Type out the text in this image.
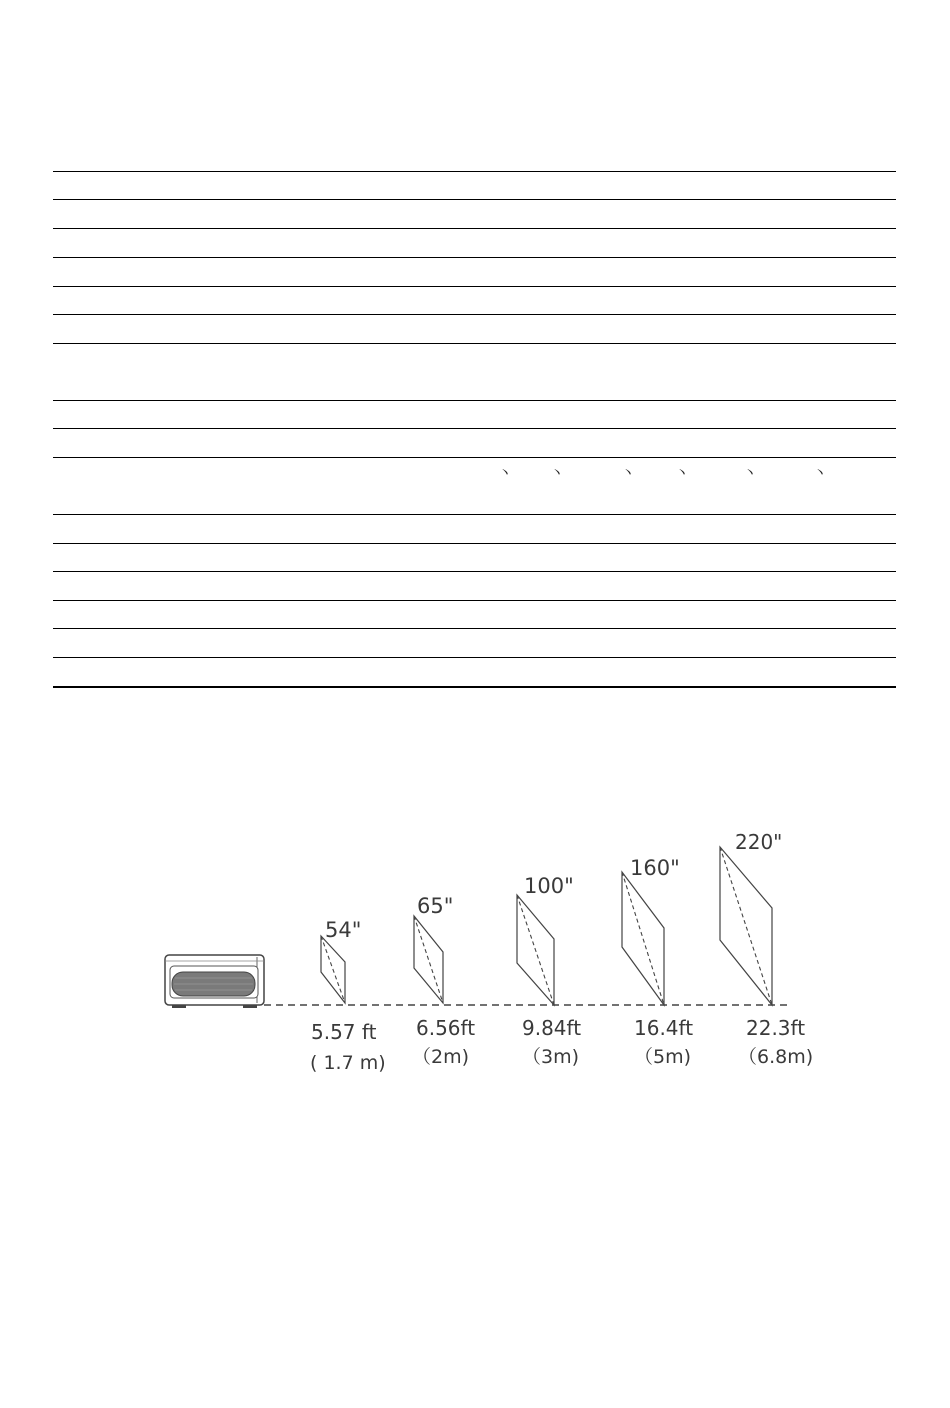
丶	丶	丶	丶	丶	丶
54"
65"
100"
160"
220"
5.57 ft 6.56ft 9.84ft	16.4ft	22.3ft
( 1.7 m) （2m)	（3m)	（5m) （6.8m)
